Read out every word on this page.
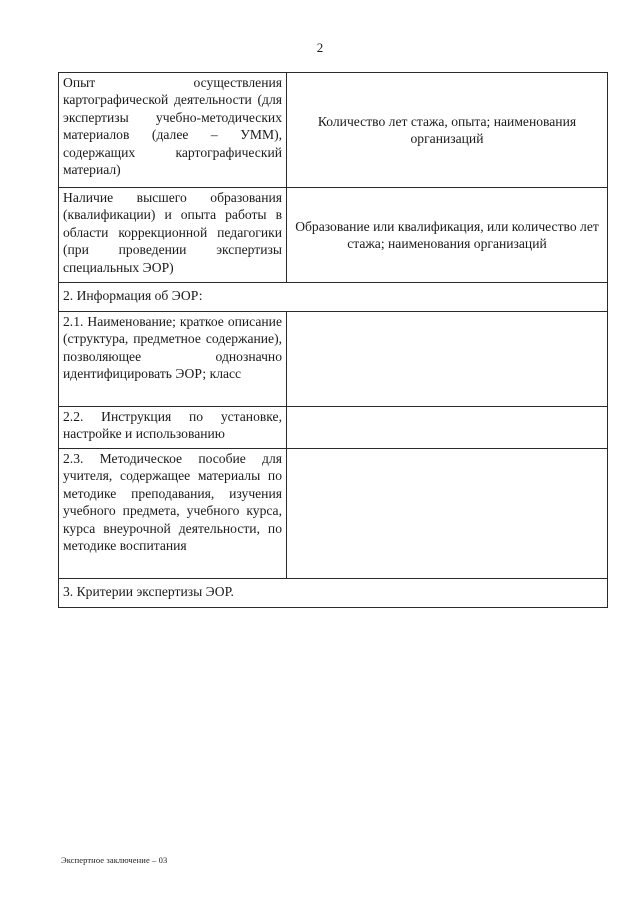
2
Опыт осуществления картографической деятельности (для экспертизы учебно-методических материалов (далее – УММ), содержащих картографический материал)	Количество лет стажа, опыта; наименования организаций
Наличие высшего образования (квалификации) и опыта работы в области коррекционной педагогики (при проведении экспертизы специальных ЭОР)	Образование или квалификация, или количество лет стажа; наименования организаций
2. Информация об ЭОР:	
2.1. Наименование; краткое описание (структура, предметное содержание), позволяющее однозначно идентифицировать ЭОР; класс	
2.2. Инструкция по установке, настройке и использованию	
2.3. Методическое пособие для учителя, содержащее материалы по методике преподавания, изучения учебного предмета, учебного курса, курса внеурочной деятельности, по методике воспитания	
3. Критерии экспертизы ЭОР.	
Экспертное заключение – 03
